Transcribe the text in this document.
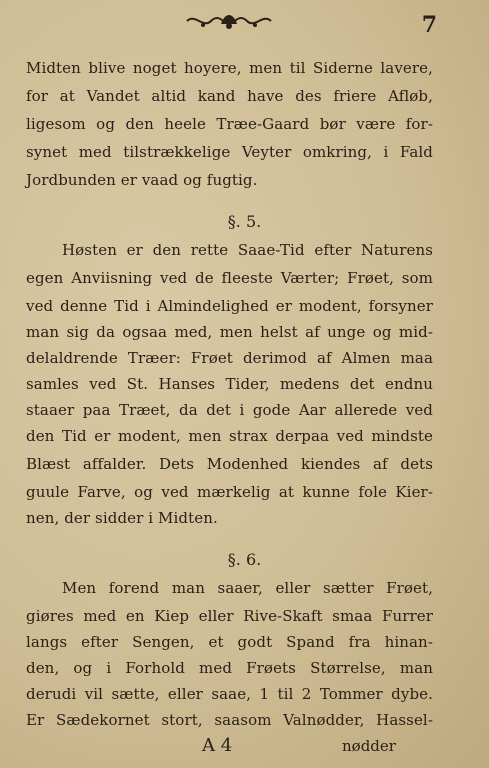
7
Midten blive noget hoyere, men til Siderne lavere,
for at Vandet altid kand have des friere Afløb,
ligesom og den heele Træe-Gaard bør være for-
synet med tilstrækkelige Veyter omkring, i Fald
Jordbunden er vaad og fugtig.
§. 5.
Høsten er den rette Saae-Tid efter Naturens
egen Anviisning ved de fleeste Værter; Frøet, som
ved denne Tid i Almindelighed er modent, forsyner
man sig da ogsaa med, men helst af unge og mid-
delaldrende Træer: Frøet derimod af Almen maa
samles ved St. Hanses Tider, medens det endnu
staaer paa Træet, da det i gode Aar allerede ved
den Tid er modent, men strax derpaa ved mindste
Blæst affalder. Dets Modenhed kiendes af dets
guule Farve, og ved mærkelig at kunne fole Kier-
nen, der sidder i Midten.
§. 6.
Men forend man saaer, eller sætter Frøet,
giøres med en Kiep eller Rive-Skaft smaa Furrer
langs efter Sengen, et godt Spand fra hinan-
den, og i Forhold med Frøets Størrelse, man
derudi vil sætte, eller saae, 1 til 2 Tommer dybe.
Er Sædekornet stort, saasom Valnødder, Hassel-
A 4	nødder
